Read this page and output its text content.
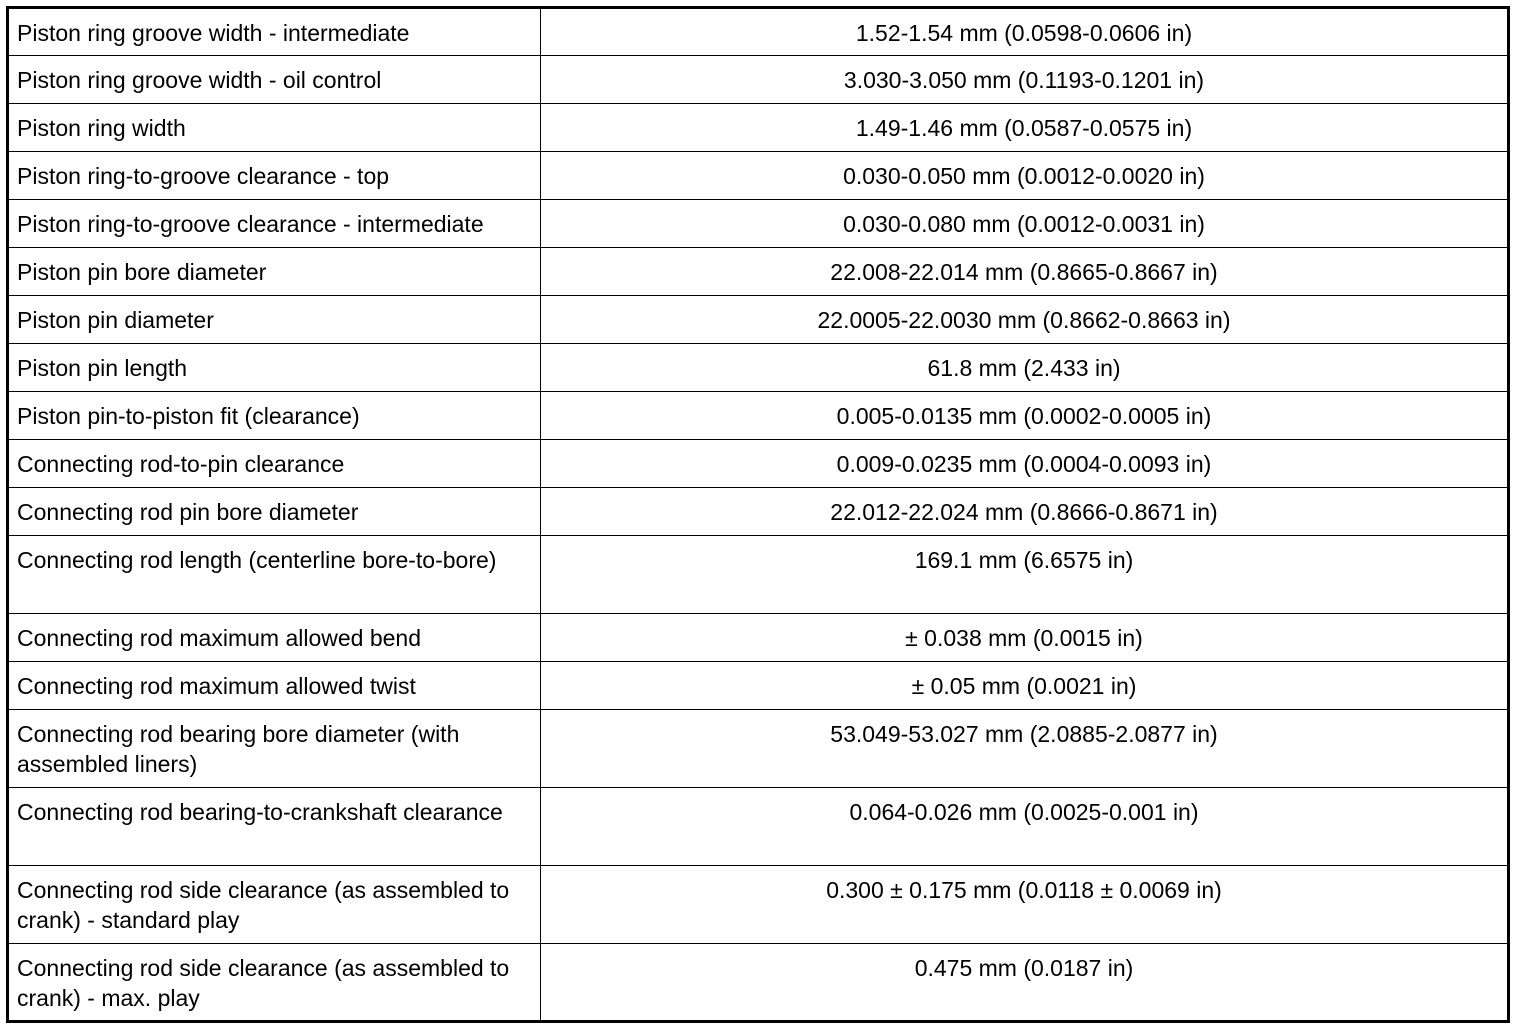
Piston ring groove width - intermediate	1.52-1.54 mm (0.0598-0.0606 in)
Piston ring groove width - oil control	3.030-3.050 mm (0.1193-0.1201 in)
Piston ring width	1.49-1.46 mm (0.0587-0.0575 in)
Piston ring-to-groove clearance - top	0.030-0.050 mm (0.0012-0.0020 in)
Piston ring-to-groove clearance - intermediate	0.030-0.080 mm (0.0012-0.0031 in)
Piston pin bore diameter	22.008-22.014 mm (0.8665-0.8667 in)
Piston pin diameter	22.0005-22.0030 mm (0.8662-0.8663 in)
Piston pin length	61.8 mm (2.433 in)
Piston pin-to-piston fit (clearance)	0.005-0.0135 mm (0.0002-0.0005 in)
Connecting rod-to-pin clearance	0.009-0.0235 mm (0.0004-0.0093 in)
Connecting rod pin bore diameter	22.012-22.024 mm (0.8666-0.8671 in)
Connecting rod length (centerline bore-to-bore)	169.1 mm (6.6575 in)
Connecting rod maximum allowed bend	± 0.038 mm (0.0015 in)
Connecting rod maximum allowed twist	± 0.05 mm (0.0021 in)
Connecting rod bearing bore diameter (with assembled liners)	53.049-53.027 mm (2.0885-2.0877 in)
Connecting rod bearing-to-crankshaft clearance	0.064-0.026 mm (0.0025-0.001 in)
Connecting rod side clearance (as assembled to crank) - standard play	0.300 ± 0.175 mm (0.0118 ± 0.0069 in)
Connecting rod side clearance (as assembled to crank) - max. play	0.475 mm (0.0187 in)
